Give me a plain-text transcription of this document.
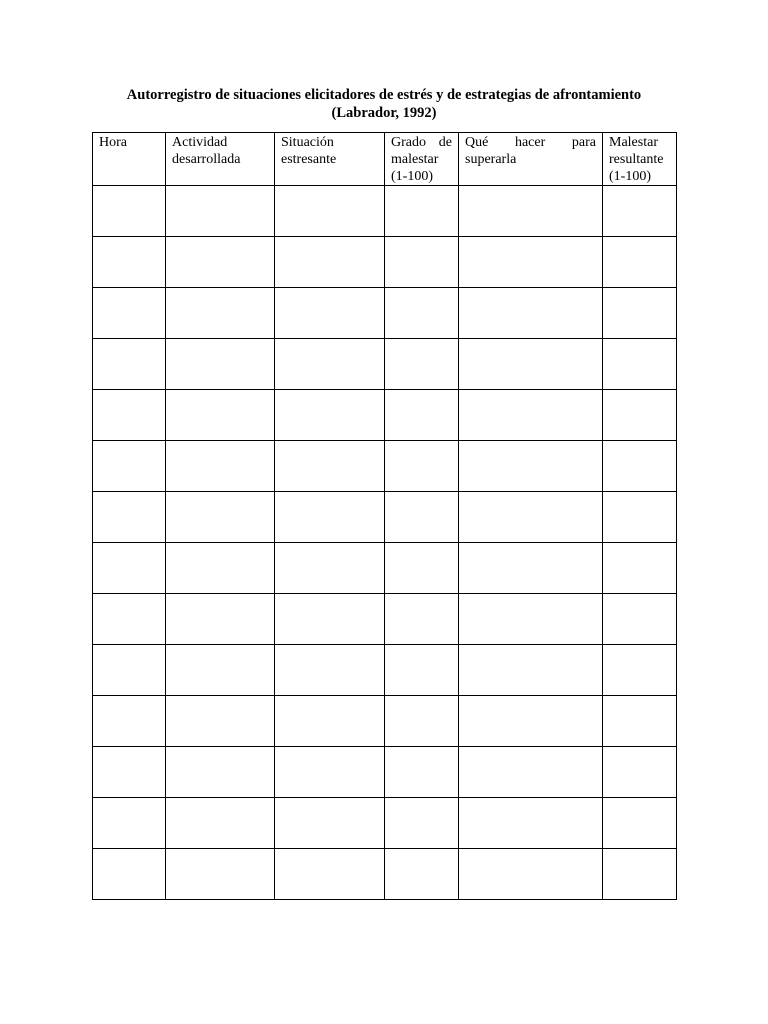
Autorregistro de situaciones elicitadores de estrés y de estrategias de afrontamiento
(Labrador, 1992)
Hora	Actividad desarrollada	Situación estresante	Grado de malestar (1-100)	Qué hacer para superarla	Malestar resultante (1-100)
